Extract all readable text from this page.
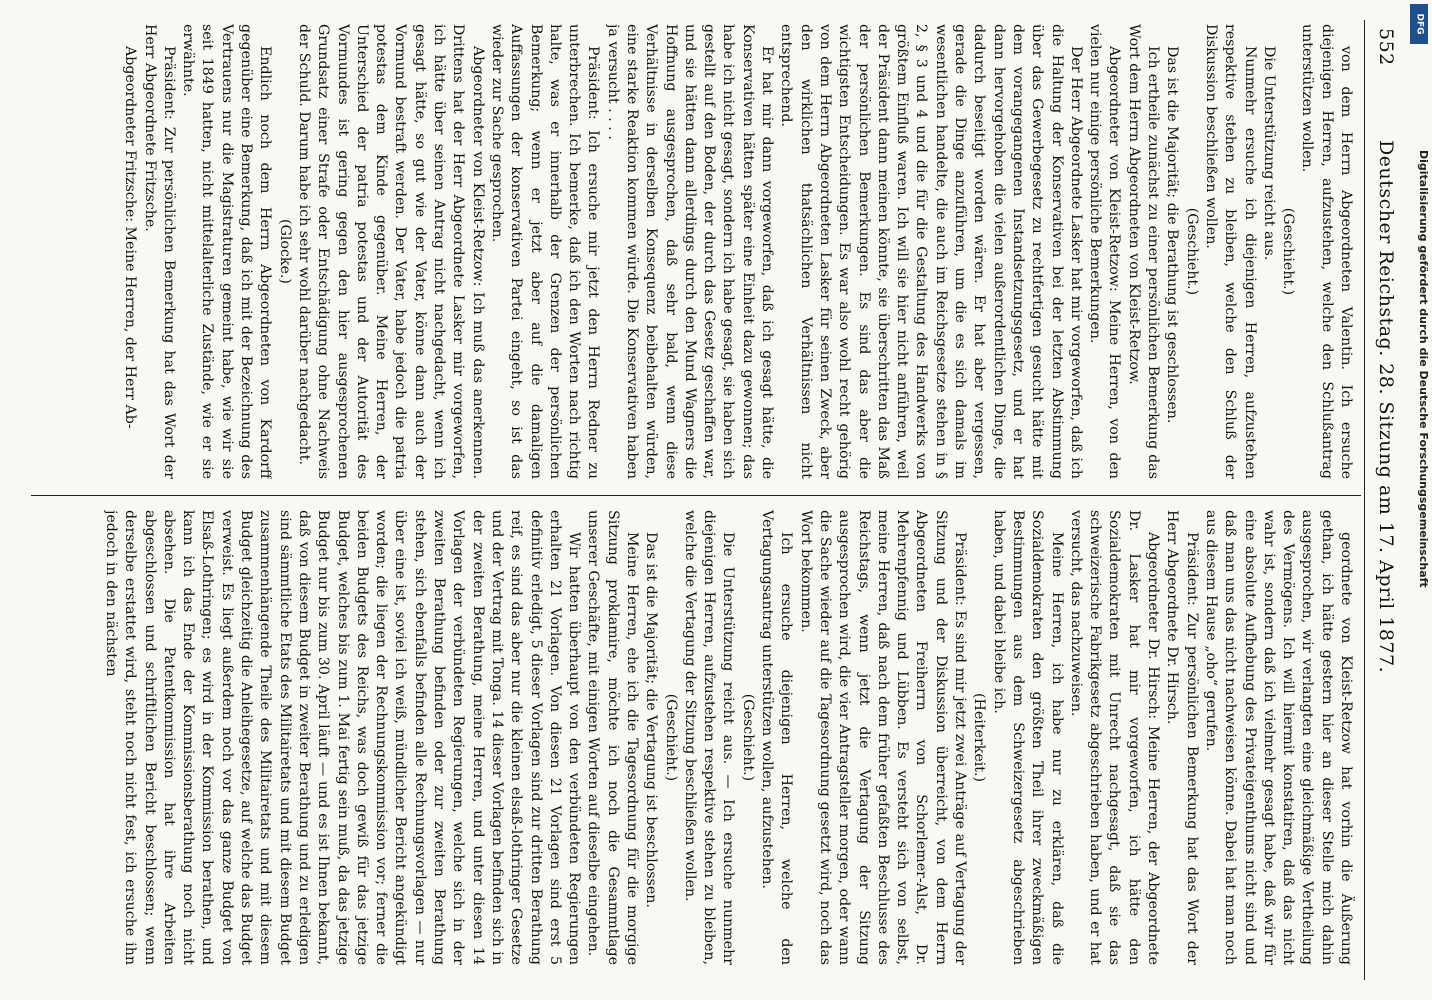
552
Deutscher Reichstag. 28. Sitzung am 17. April 1877.

von dem Herrn Abgeordneten Valentin. Ich ersuche diejenigen Herren, aufzustehen, welche den Schlußantrag unterstützen wollen.

(Geschieht.)

Die Unterstützung reicht aus.

Nunmehr ersuche ich diejenigen Herren, aufzustehen respektive stehen zu bleiben, welche den Schluß der Diskussion beschließen wollen.

(Geschieht.)

Das ist die Majorität; die Berathung ist geschlossen.

Ich ertheile zunächst zu einer persönlichen Bemerkung das Wort dem Herrn Abgeordneten von Kleist-Retzow.

Abgeordneter von Kleist-Retzow: Meine Herren, von den vielen nur einige persönliche Bemerkungen.

Der Herr Abgeordnete Lasker hat mir vorgeworfen, daß ich die Haltung der Konservativen bei der letzten Abstimmung über das Gewerbegesetz zu rechtfertigen gesucht hätte mit dem vorangegangenen Instandsetzungsgesetz, und er hat dann hervorgehoben die vielen außerordentlichen Dinge, die dadurch beseitigt worden wären. Er hat aber vergessen, gerade die Dinge anzuführen, um die es sich damals im wesentlichen handelte, die auch im Reichsgesetze stehen in § 2, § 3 und 4 und die für die Gestaltung des Handwerks von größtem Einfluß waren. Ich will sie hier nicht anführen, weil der Präsident dann meinen könnte, sie überschritten das Maß der persönlichen Bemerkungen. Es sind das aber die wichtigsten Entscheidungen. Es war also wohl recht gehörig von dem Herrn Abgeordneten Lasker für seinen Zweck, aber den wirklichen thatsächlichen Verhältnissen nicht entsprechend.

Er hat mir dann vorgeworfen, daß ich gesagt hätte, die Konservativen hätten später eine Einheit dazu gewonnen; das habe ich nicht gesagt, sondern ich habe gesagt, sie haben sich gestellt auf den Boden, der durch das Gesetz geschaffen war, und sie hätten dann allerdings durch den Mund Wagners die Hoffnung ausgesprochen, daß sehr bald, wenn diese Verhältnisse in derselben Konsequenz beibehalten würden, eine starke Reaktion kommen würde. Die Konservativen haben ja versucht . . . .

Präsident: Ich ersuche mir jetzt den Herrn Redner zu unterbrechen. Ich bemerke, daß ich den Worten nach richtig halte, was er innerhalb der Grenzen der persönlichen Bemerkung; wenn er jetzt aber auf die damaligen Auffassungen der konservativen Partei eingeht, so ist das wieder zur Sache gesprochen.

Abgeordneter von Kleist-Retzow: Ich muß das anerkennen. Drittens hat der Herr Abgeordnete Lasker mir vorgeworfen, ich hätte über seinen Antrag nicht nachgedacht, wenn ich gesagt hätte, so gut wie der Vater, könne dann auch der Vormund bestraft werden. Der Vater, habe jedoch die patria potestas dem Kinde gegenüber. Meine Herren, der Unterschied der patria potestas und der Autorität des Vormundes ist gering gegen den hier ausgesprochenen Grundsatz einer Strafe oder Entschädigung ohne Nachweis der Schuld. Darum habe ich sehr wohl darüber nachgedacht.

(Glocke.)

Endlich noch dem Herrn Abgeordneten von Kardorff gegenüber eine Bemerkung, daß ich mit der Bezeichnung des Vertrauens nur die Magistraturen gemeint habe, wie wir sie seit 1849 hatten, nicht mittelalterliche Zustände, wie er sie erwähnte.

Präsident: Zur persönlichen Bemerkung hat das Wort der Herr Abgeordnete Fritzsche.

Abgeordneter Fritzsche: Meine Herren, der Herr Ab-

geordnete von Kleist-Retzow hat vorhin die Äußerung gethan, ich hätte gestern hier an dieser Stelle mich dahin ausgesprochen, wir verlangten eine gleichmäßige Vertheilung des Vermögens. Ich will hiermit konstatiren, daß das nicht wahr ist, sondern daß ich vielmehr gesagt habe, daß wir für eine absolute Aufhebung des Privateigenthums nicht sind und daß man uns das nicht nachweisen könne. Dabei hat man noch aus diesem Hause „oho“ gerufen.

Präsident: Zur persönlichen Bemerkung hat das Wort der Herr Abgeordnete Dr. Hirsch.

Abgeordneter Dr. Hirsch: Meine Herren, der Abgeordnete Dr. Lasker hat mir vorgeworfen, ich hätte den Sozialdemokraten mit Unrecht nachgesagt, daß sie das schweizerische Fabrikgesetz abgeschrieben haben, und er hat versucht, das nachzuweisen.

Meine Herren, ich habe nur zu erklären, daß die Sozialdemokraten den größten Theil ihrer zweckmäßigen Bestimmungen aus dem Schweizergesetz abgeschrieben haben, und dabei bleibe ich.

(Heiterkeit.)

Präsident: Es sind mir jetzt zwei Anträge auf Vertagung der Sitzung und der Diskussion überreicht, von dem Herrn Abgeordneten Freiherrn von Schorlemer-Alst, Dr. Mehrenpfennig und Lübben. Es versteht sich von selbst, meine Herren, daß nach dem früher gefaßten Beschlusse des Reichstags, wenn jetzt die Vertagung der Sitzung ausgesprochen wird, die vier Antragsteller morgen, oder wann die Sache wieder auf die Tagesordnung gesetzt wird, noch das Wort bekommen.

Ich ersuche diejenigen Herren, welche den Vertagungsantrag unterstützen wollen, aufzustehen.

(Geschieht.)

Die Unterstützung reicht aus. — Ich ersuche nunmehr diejenigen Herren, aufzustehen respektive stehen zu bleiben, welche die Vertagung der Sitzung beschließen wollen.

(Geschieht.)

Das ist die Majorität; die Vertagung ist beschlossen.

Meine Herren, ehe ich die Tagesordnung für die morgige Sitzung proklamire, möchte ich noch die Gesammtlage unserer Geschäfte, mit einigen Worten auf dieselbe eingehen.

Wir hatten überhaupt von den verbündeten Regierungen erhalten 21 Vorlagen. Von diesen 21 Vorlagen sind erst 5 definitiv erledigt, 5 dieser Vorlagen sind zur dritten Berathung reif, es sind das aber nur die kleinen elsaß-lothringer Gesetze und der Vertrag mit Tonga. 14 dieser Vorlagen befinden sich in der zweiten Berathung, meine Herren, und unter diesen 14 Vorlagen der verbündeten Regierungen, welche sich in der zweiten Berathung befinden oder zur zweiten Berathung stehen, sich ebenfalls befinden alle Rechnungsvorlagen — nur über eine ist, soviel ich weiß, mündlicher Bericht angekündigt worden; die liegen der Rechnungskommission vor; ferner die beiden Budgets des Reichs, was doch gewiß für das jetzige Budget, welches bis zum 1. Mai fertig sein muß, da das jetzige Budget nur bis zum 30. April läuft — und es ist Ihnen bekannt, daß von diesem Budget in zweiter Berathung und zu erledigen sind sämmtliche Etats des Militairetats und mit diesem Budget zusammenhängende Theile des Militairetats und mit diesem Budget gleichzeitig die Anleihegesetze, auf welche das Budget verweist. Es liegt außerdem noch vor das ganze Budget von Elsaß-Lothringen; es wird in der Kommission berathen, und kann ich das Ende der Kommissionsberathung noch nicht absehen. Die Patentkommission hat ihre Arbeiten abgeschlossen und schriftlichen Bericht beschlossen; wenn derselbe erstattet wird, steht noch nicht fest, ich ersuche ihn jedoch in den nächsten

Digitalisierung gefördert durch die Deutsche Forschungsgemeinschaft
DFG
